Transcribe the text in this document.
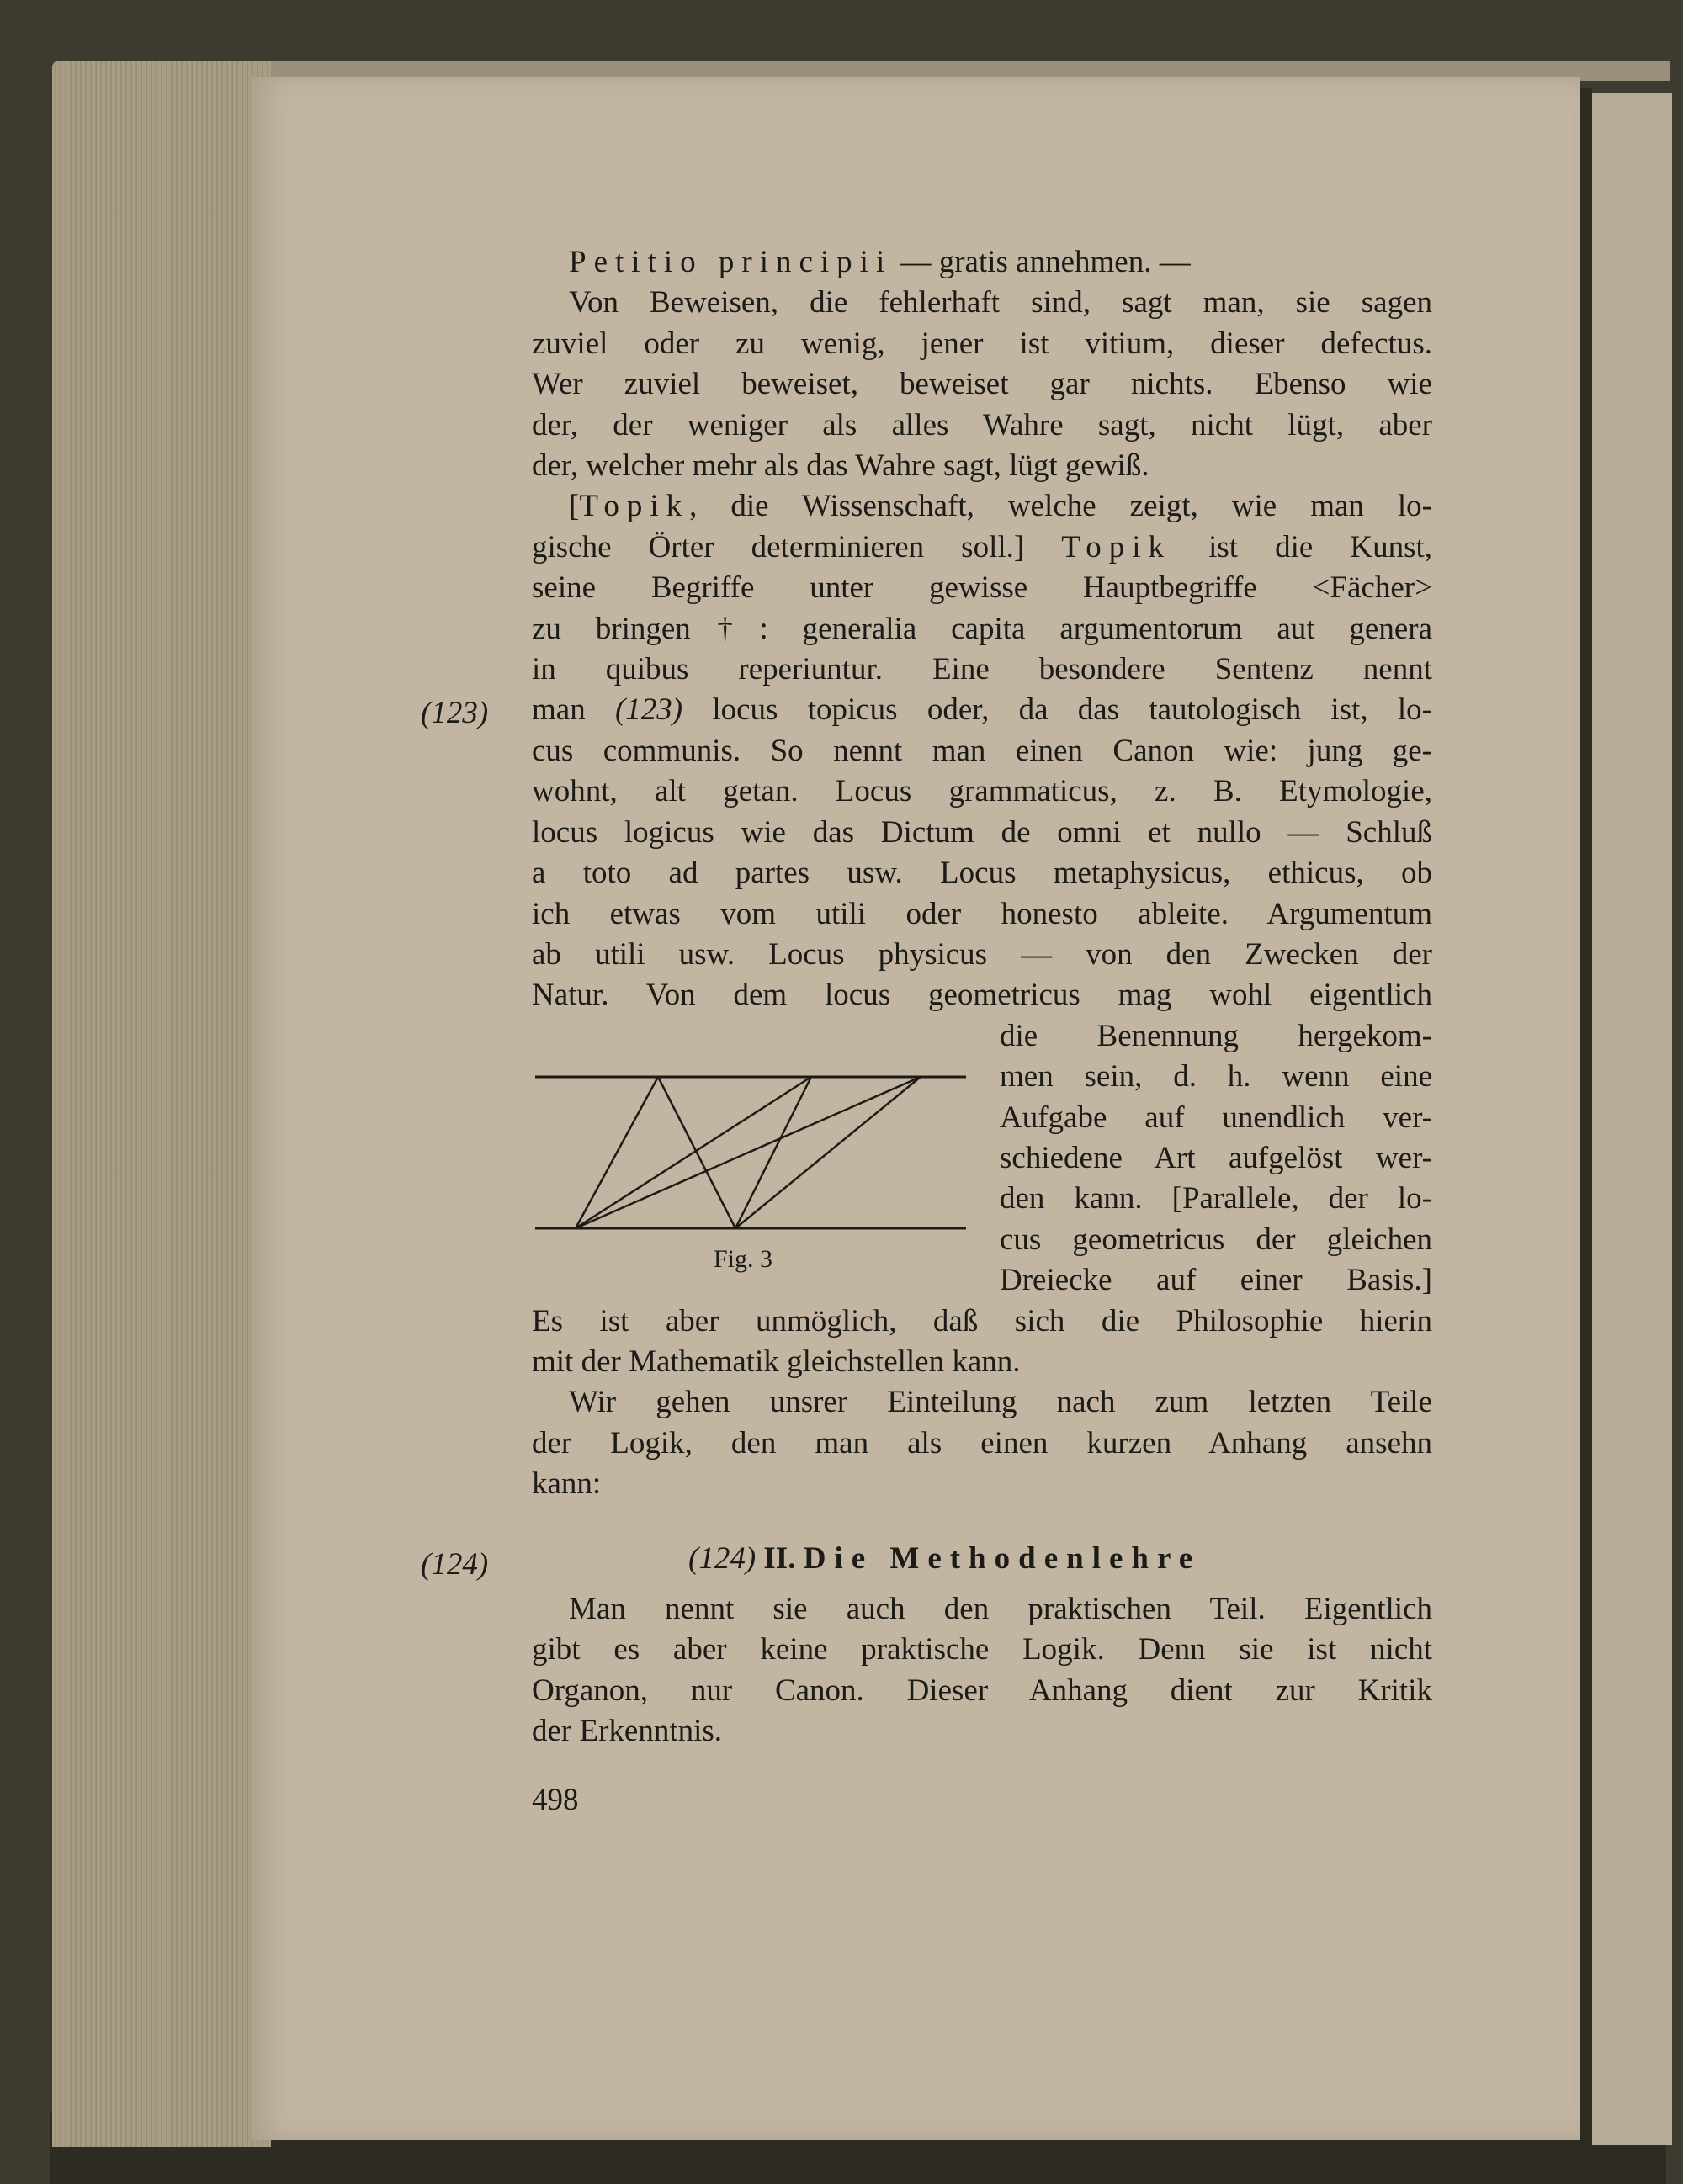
(123)
(124)
Petitio principii — gratis annehmen. —
Von Beweisen, die fehlerhaft sind, sagt man, sie sagen
zuviel oder zu wenig, jener ist vitium, dieser defectus.
Wer zuviel beweiset, beweiset gar nichts. Ebenso wie
der, der weniger als alles Wahre sagt, nicht lügt, aber
der, welcher mehr als das Wahre sagt, lügt gewiß.
[Topik, die Wissenschaft, welche zeigt, wie man lo-
gische Örter determinieren soll.] Topik ist die Kunst,
seine Begriffe unter gewisse Hauptbegriffe <Fächer>
zu bringen†: generalia capita argumentorum aut genera
in quibus reperiuntur. Eine besondere Sentenz nennt
man (123) locus topicus oder, da das tautologisch ist, lo-
cus communis. So nennt man einen Canon wie: jung ge-
wohnt, alt getan. Locus grammaticus, z. B. Etymologie,
locus logicus wie das Dictum de omni et nullo — Schluß
a toto ad partes usw. Locus metaphysicus, ethicus, ob
ich etwas vom utili oder honesto ableite. Argumentum
ab utili usw. Locus physicus — von den Zwecken der
Natur. Von dem locus geometricus mag wohl eigentlich
die Benennung hergekom-
men sein, d. h. wenn eine
Aufgabe auf unendlich ver-
schiedene Art aufgelöst wer-
den kann. [Parallele, der lo-
cus geometricus der gleichen
Dreiecke auf einer Basis.]
Es ist aber unmöglich, daß sich die Philosophie hierin
mit der Mathematik gleichstellen kann.
Wir gehen unsrer Einteilung nach zum letzten Teile
der Logik, den man als einen kurzen Anhang ansehn
kann:
(124) II. Die Methodenlehre
Man nennt sie auch den praktischen Teil. Eigentlich
gibt es aber keine praktische Logik. Denn sie ist nicht
Organon, nur Canon. Dieser Anhang dient zur Kritik
der Erkenntnis.
Fig. 3
498
